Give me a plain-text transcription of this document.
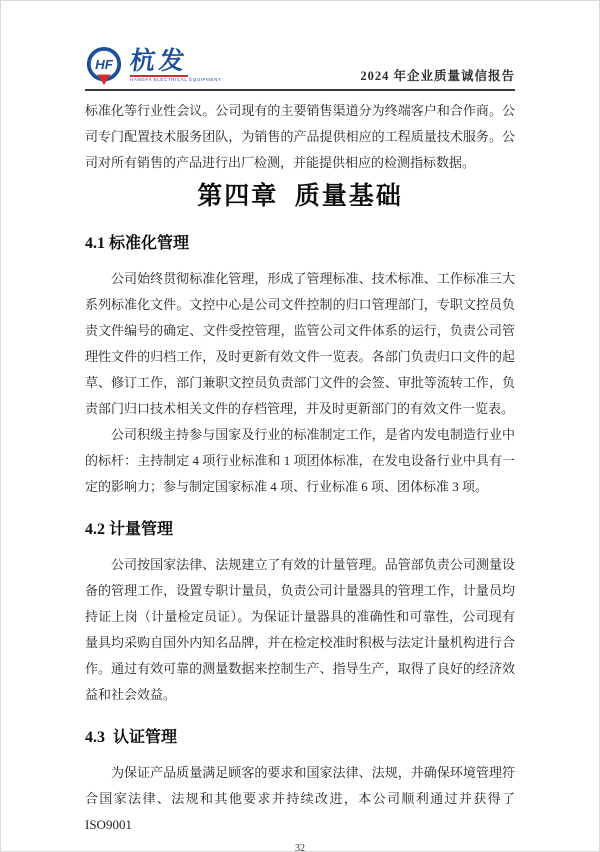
HF 杭发
HANGFA ELECTRICAL EQUIPMENT	2024 年企业质量诚信报告

标准化等行业性会议。公司现有的主要销售渠道分为终端客户和合作商。公司专门配置技术服务团队，为销售的产品提供相应的工程质量技术服务。公司对所有销售的产品进行出厂检测，并能提供相应的检测指标数据。

第四章  质量基础
4.1 标准化管理

公司始终贯彻标准化管理，形成了管理标准、技术标准、工作标准三大系列标准化文件。文控中心是公司文件控制的归口管理部门，专职文控员负责文件编号的确定、文件受控管理，监管公司文件体系的运行，负责公司管理性文件的归档工作，及时更新有效文件一览表。各部门负责归口文件的起草、修订工作，部门兼职文控员负责部门文件的会签、审批等流转工作，负责部门归口技术相关文件的存档管理，并及时更新部门的有效文件一览表。

公司积级主持参与国家及行业的标准制定工作，是省内发电制造行业中的标杆：主持制定 4 项行业标准和 1 项团体标准，在发电设备行业中具有一定的影响力；参与制定国家标准 4 项、行业标准 6 项、团体标准 3 项。

4.2 计量管理

公司按国家法律、法规建立了有效的计量管理。品管部负责公司测量设备的管理工作，设置专职计量员，负责公司计量器具的管理工作，计量员均持证上岗（计量检定员证）。为保证计量器具的准确性和可靠性，公司现有量具均采购自国外内知名品牌，并在检定校准时积极与法定计量机构进行合作。通过有效可靠的测量数据来控制生产、指导生产，取得了良好的经济效益和社会效益。

4.3  认证管理

为保证产品质量满足顾客的要求和国家法律、法规，并确保环境管理符合国家法律、法规和其他要求并持续改进，本公司顺利通过并获得了 ISO9001

32
